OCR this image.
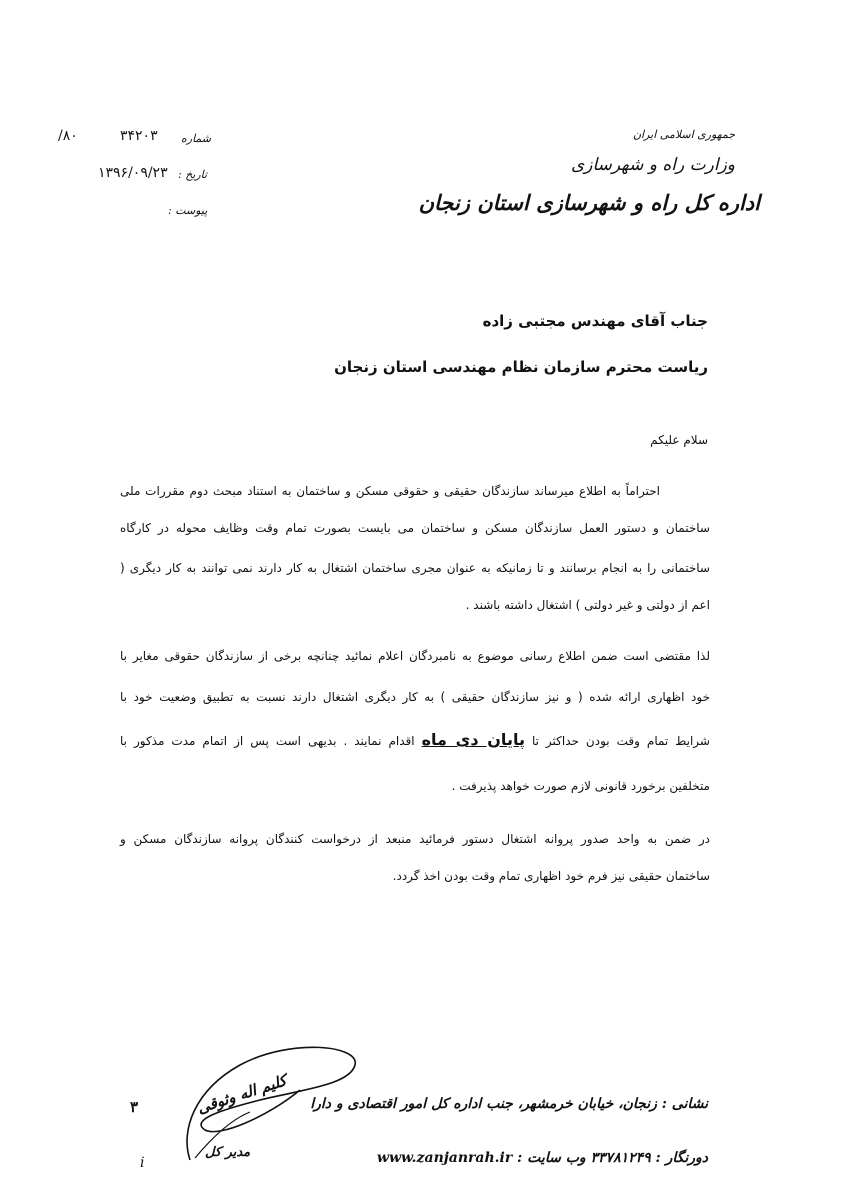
جمهوری اسلامی ایران
وزارت راه و شهرسازی
اداره کل راه و شهرسازی استان زنجان
شماره
۳۴۲۰۳
/۸۰
تاریخ :
۱۳۹۶/۰۹/۲۳
پیوست :
جناب آقای مهندس مجتبی زاده
ریاست محترم سازمان نظام مهندسی استان زنجان
سلام علیکم
احتراماً به اطلاع میرساند سازندگان حقیقی و حقوقی مسکن و ساختمان به استناد مبحث دوم مقررات ملی
ساختمان و دستور العمل سازندگان مسکن و ساختمان می بایست بصورت تمام وقت وظایف محوله در کارگاه
ساختمانی را به انجام برسانند و تا زمانیکه به عنوان مجری ساختمان اشتغال به کار دارند نمی توانند به کار دیگری (
اعم از دولتی و غیر دولتی ) اشتغال داشته باشند .
لذا مقتضی است ضمن اطلاع رسانی موضوع به نامبردگان اعلام نمائید چنانچه برخی از سازندگان حقوقی مغایر با
خود اظهاری ارائه شده ( و نیز سازندگان حقیقی ) به کار دیگری اشتغال دارند نسبت به تطبیق وضعیت خود با
شرایط تمام وقت بودن حداکثر تا پایان دی ماه اقدام نمایند . بدیهی است پس از اتمام مدت مذکور با
متخلفین برخورد قانونی لازم صورت خواهد پذیرفت .
در ضمن به واحد صدور پروانه اشتغال دستور فرمائید منبعد از درخواست کنندگان پروانه سازندگان مسکن و
ساختمان حقیقی نیز فرم خود اظهاری تمام وقت بودن اخذ گردد.
کلیم اله وثوقی
مدیر کل
۳
i
نشانی : زنجان، خیابان خرمشهر، جنب اداره کل امور اقتصادی و دارا
دورنگار : ۳۳۷۸۱۲۴۹ وب سایت : www.zanjanrah.ir
